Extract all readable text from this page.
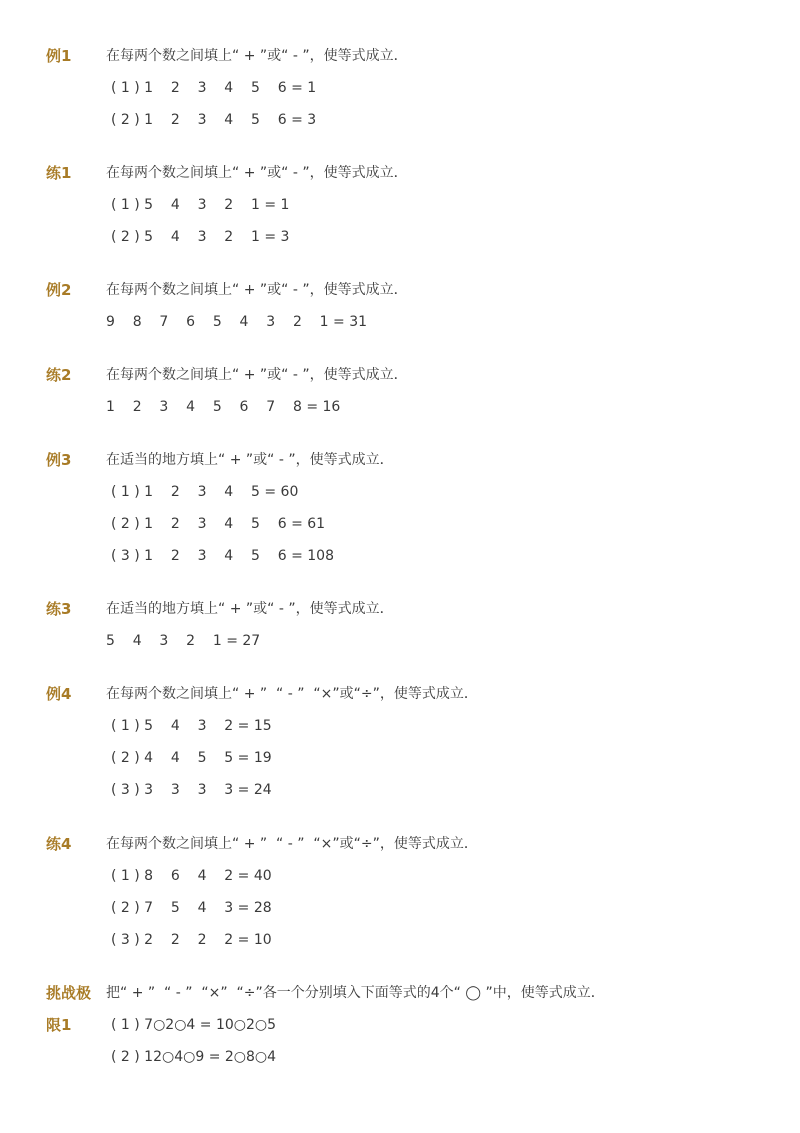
例1 在每两个数之间填上“ + ”或“ - ”，使等式成立．
( 1 ) 1    2    3    4    5    6 = 1
( 2 ) 1    2    3    4    5    6 = 3
练1 在每两个数之间填上“ + ”或“ - ”，使等式成立．
( 1 ) 5    4    3    2    1 = 1
( 2 ) 5    4    3    2    1 = 3
例2 在每两个数之间填上“ + ”或“ - ”，使等式成立．
9    8    7    6    5    4    3    2    1 = 31
练2 在每两个数之间填上“ + ”或“ - ”，使等式成立．
1    2    3    4    5    6    7    8 = 16
例3 在适当的地方填上“ + ”或“ - ”，使等式成立．
( 1 ) 1    2    3    4    5 = 60
( 2 ) 1    2    3    4    5    6 = 61
( 3 ) 1    2    3    4    5    6 = 108
练3 在适当的地方填上“ + ”或“ - ”，使等式成立．
5    4    3    2    1 = 27
例4 在每两个数之间填上“ + ”  “ - ”  “×”或“÷”，使等式成立．
( 1 ) 5    4    3    2 = 15
( 2 ) 4    4    5    5 = 19
( 3 ) 3    3    3    3 = 24
练4 在每两个数之间填上“ + ”  “ - ”  “×”或“÷”，使等式成立．
( 1 ) 8    6    4    2 = 40
( 2 ) 7    5    4    3 = 28
( 3 ) 2    2    2    2 = 10
挑战极
限1
把“ + ”  “ - ”  “×”  “÷”各一个分别填入下面等式的4个“ ◯ ”中，使等式成立．
( 1 ) 7○2○4 = 10○2○5
( 2 ) 12○4○9 = 2○8○4
